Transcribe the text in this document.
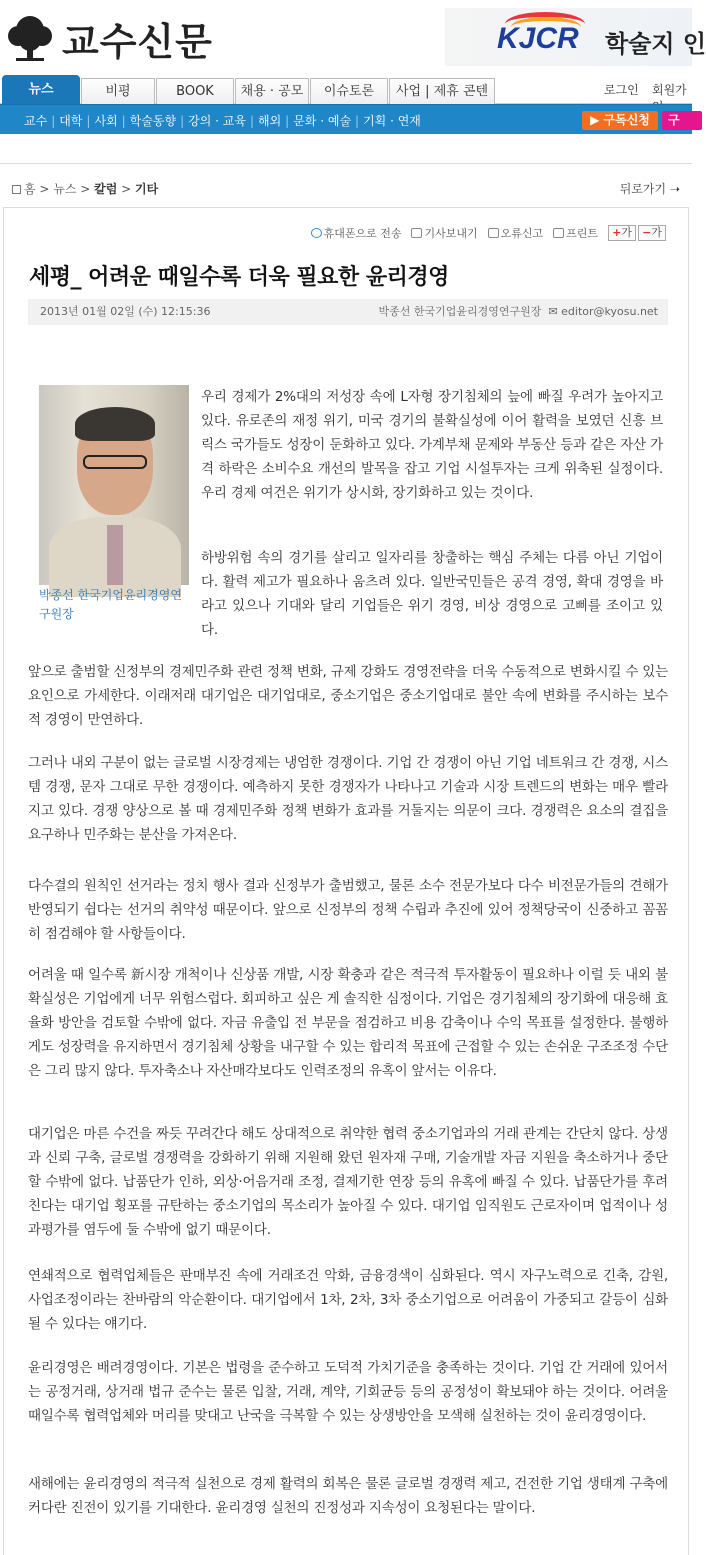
교수신문	KJCR 학술지 인
뉴스	비평	BOOK	채용 · 공모	이슈토론	사업 | 제휴 콘텐	로그인 회원가
교수 | 대학 | 사회 | 학술동향 | 강의 · 교육 | 해외 | 문화 · 예술 | 기획 · 연재	▶ 구독신청	구
홈 > 뉴스 > 칼럼 > 기타	뒤로가기 ➝
휴대폰으로 전송	기사보내기	오류신고	프린트	+가 −가
세평_ 어려운 때일수록 더욱 필요한 윤리경영
2013년 01월 02일 (수) 12:15:36	박종선 한국기업윤리경영연구원장 ✉ editor@kyosu.net
박종선 한국기업윤리경영연구원장

우리 경제가 2%대의 저성장 속에 L자형 장기침체의 늪에 빠질 우려가 높아지고 있다. 유로존의 재정 위기, 미국 경기의 불확실성에 이어 활력을 보였던 신흥 브릭스 국가들도 성장이 둔화하고 있다. 가계부채 문제와 부동산 등과 같은 자산 가격 하락은 소비수요 개선의 발목을 잡고 기업 시설투자는 크게 위축된 실정이다. 우리 경제 여건은 위기가 상시화, 장기화하고 있는 것이다.

하방위험 속의 경기를 살리고 일자리를 창출하는 핵심 주체는 다름 아닌 기업이다. 활력 제고가 필요하나 움츠려 있다. 일반국민들은 공격 경영, 확대 경영을 바라고 있으나 기대와 달리 기업들은 위기 경영, 비상 경영으로 고삐를 조이고 있다.

앞으로 출범할 신정부의 경제민주화 관련 정책 변화, 규제 강화도 경영전략을 더욱 수동적으로 변화시킬 수 있는 요인으로 가세한다. 이래저래 대기업은 대기업대로, 중소기업은 중소기업대로 불안 속에 변화를 주시하는 보수적 경영이 만연하다.

그러나 내외 구분이 없는 글로벌 시장경제는 냉엄한 경쟁이다. 기업 간 경쟁이 아닌 기업 네트워크 간 경쟁, 시스템 경쟁, 문자 그대로 무한 경쟁이다. 예측하지 못한 경쟁자가 나타나고 기술과 시장 트렌드의 변화는 매우 빨라지고 있다. 경쟁 양상으로 볼 때 경제민주화 정책 변화가 효과를 거둘지는 의문이 크다. 경쟁력은 요소의 결집을 요구하나 민주화는 분산을 가져온다.

다수결의 원칙인 선거라는 정치 행사 결과 신정부가 출범했고, 물론 소수 전문가보다 다수 비전문가들의 견해가 반영되기 쉽다는 선거의 취약성 때문이다. 앞으로 신정부의 정책 수립과 추진에 있어 정책당국이 신중하고 꼼꼼히 점검해야 할 사항들이다.

어려울 때 일수록 新시장 개척이나 신상품 개발, 시장 확충과 같은 적극적 투자활동이 필요하나 이럴 듯 내외 불확실성은 기업에게 너무 위험스럽다. 회피하고 싶은 게 솔직한 심정이다. 기업은 경기침체의 장기화에 대응해 효율화 방안을 검토할 수밖에 없다. 자금 유출입 전 부문을 점검하고 비용 감축이나 수익 목표를 설정한다. 불행하게도 성장력을 유지하면서 경기침체 상황을 내구할 수 있는 합리적 목표에 근접할 수 있는 손쉬운 구조조정 수단은 그리 많지 않다. 투자축소나 자산매각보다도 인력조정의 유혹이 앞서는 이유다.

대기업은 마른 수건을 짜듯 꾸려간다 해도 상대적으로 취약한 협력 중소기업과의 거래 관계는 간단치 않다. 상생과 신뢰 구축, 글로벌 경쟁력을 강화하기 위해 지원해 왔던 원자재 구매, 기술개발 자금 지원을 축소하거나 중단할 수밖에 없다. 납품단가 인하, 외상·어음거래 조정, 결제기한 연장 등의 유혹에 빠질 수 있다. 납품단가를 후려친다는 대기업 횡포를 규탄하는 중소기업의 목소리가 높아질 수 있다. 대기업 임직원도 근로자이며 업적이나 성과평가를 염두에 둘 수밖에 없기 때문이다.

연쇄적으로 협력업체들은 판매부진 속에 거래조건 악화, 금융경색이 심화된다. 역시 자구노력으로 긴축, 감원, 사업조정이라는 찬바람의 악순환이다. 대기업에서 1차, 2차, 3차 중소기업으로 어려움이 가중되고 갈등이 심화될 수 있다는 얘기다.

윤리경영은 배려경영이다. 기본은 법령을 준수하고 도덕적 가치기준을 충족하는 것이다. 기업 간 거래에 있어서는 공정거래, 상거래 법규 준수는 물론 입찰, 거래, 계약, 기회균등 등의 공정성이 확보돼야 하는 것이다. 어려울 때일수록 협력업체와 머리를 맞대고 난국을 극복할 수 있는 상생방안을 모색해 실천하는 것이 윤리경영이다.

새해에는 윤리경영의 적극적 실천으로 경제 활력의 회복은 물론 글로벌 경쟁력 제고, 건전한 기업 생태계 구축에 커다란 진전이 있기를 기대한다. 윤리경영 실천의 진정성과 지속성이 요청된다는 말이다.
